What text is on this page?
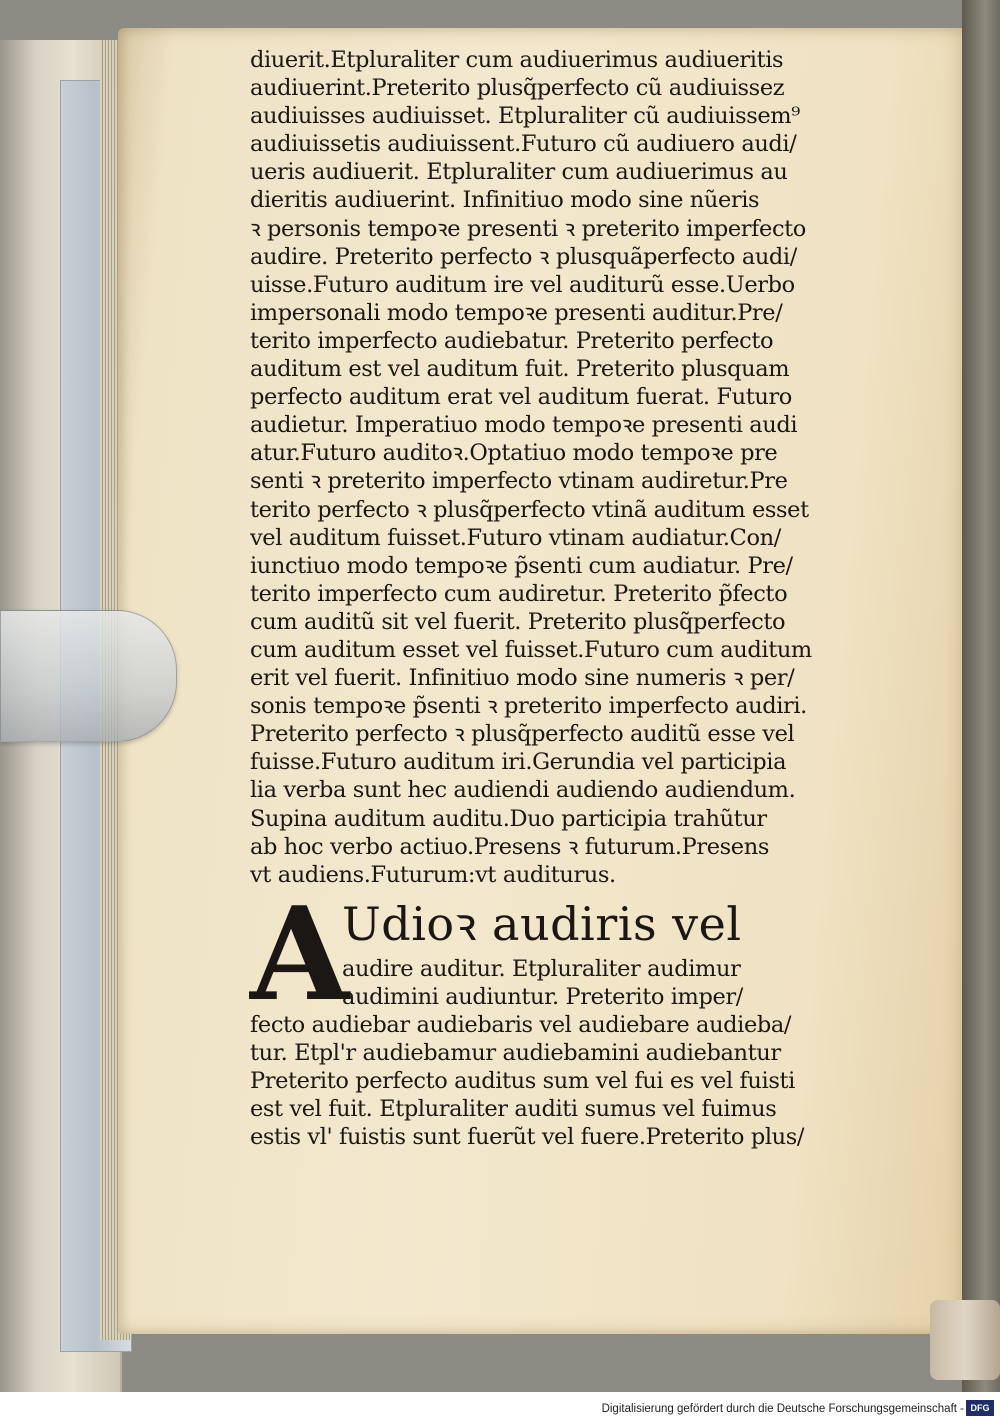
diuerit.Etpluraliter cum audiuerimus audiueritis
audiuerint.Preterito plusq̃perfecto cũ audiuissez
audiuisses audiuisset. Etpluraliter cũ audiuissem⁹
audiuissetis audiuissent.Futuro cũ audiuero audi/
ueris audiuerit. Etpluraliter cum audiuerimus au
dieritis audiuerint. Infinitiuo modo sine nũeris
ꝛ personis tempoꝛe presenti ꝛ preterito imperfecto
audire. Preterito perfecto ꝛ plusquãperfecto audi/
uisse.Futuro auditum ire vel auditurũ esse.Uerbo
impersonali modo tempoꝛe presenti auditur.Pre/
terito imperfecto audiebatur. Preterito perfecto
auditum est vel auditum fuit. Preterito plusquam
perfecto auditum erat vel auditum fuerat. Futuro
audietur. Imperatiuo modo tempoꝛe presenti audi
atur.Futuro auditoꝛ.Optatiuo modo tempoꝛe pre
senti ꝛ preterito imperfecto vtinam audiretur.Pre
terito perfecto ꝛ plusq̃perfecto vtinã auditum esset
vel auditum fuisset.Futuro vtinam audiatur.Con/
iunctiuo modo tempoꝛe p̃senti cum audiatur. Pre/
terito imperfecto cum audiretur. Preterito p̃fecto
cum auditũ sit vel fuerit. Preterito plusq̃perfecto
cum auditum esset vel fuisset.Futuro cum auditum
erit vel fuerit. Infinitiuo modo sine numeris ꝛ per/
sonis tempoꝛe p̃senti ꝛ preterito imperfecto audiri.
Preterito perfecto ꝛ plusq̃perfecto auditũ esse vel
fuisse.Futuro auditum iri.Gerundia vel participia
lia verba sunt hec audiendi audiendo audiendum.
Supina auditum auditu.Duo participia trahũtur
ab hoc verbo actiuo.Presens ꝛ futurum.Presens
vt audiens.Futurum:vt auditurus.
A
Udioꝛ audiris vel
audire auditur. Etpluraliter audimur
audimini audiuntur. Preterito imper/
fecto audiebar audiebaris vel audiebare audieba/
tur. Etpl'r audiebamur audiebamini audiebantur
Preterito perfecto auditus sum vel fui es vel fuisti
est vel fuit. Etpluraliter auditi sumus vel fuimus
estis vl' fuistis sunt fuerũt vel fuere.Preterito plus/
Digitalisierung gefördert durch die Deutsche Forschungsgemeinschaft - DFG
